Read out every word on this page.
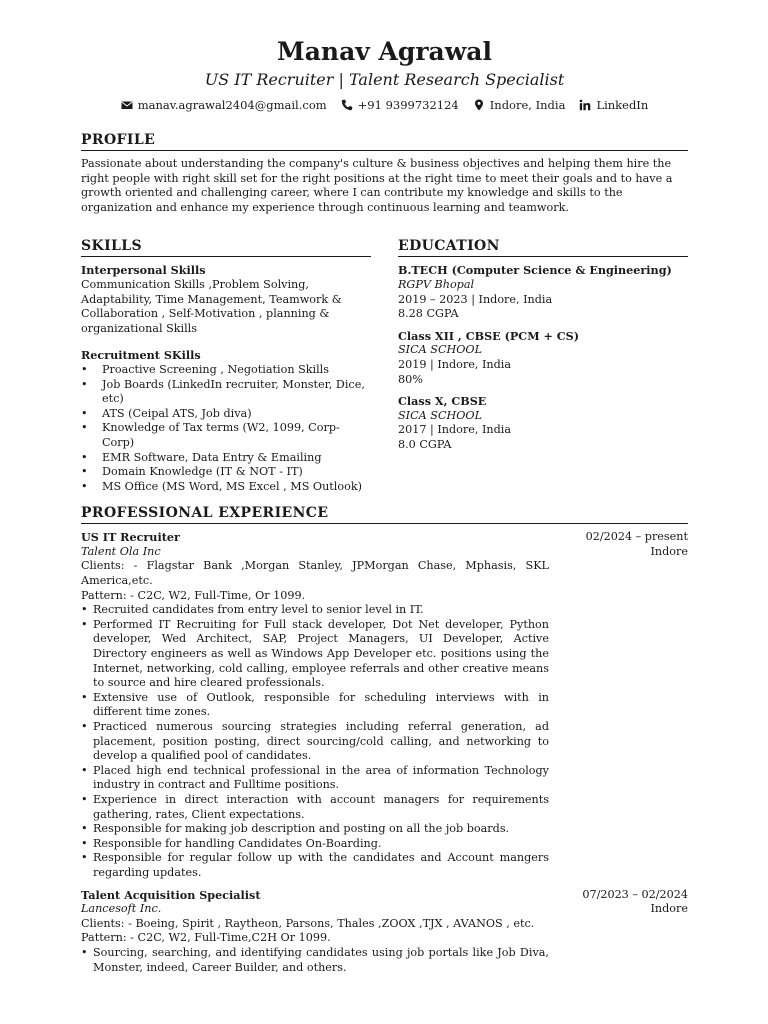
Manav Agrawal
US IT Recruiter | Talent Research Specialist
manav.agrawal2404@gmail.com	+91 9399732124	Indore, India	LinkedIn
PROFILE
Passionate about understanding the company's culture & business objectives and helping them hire the right people with right skill set for the right positions at the right time to meet their goals and to have a growth oriented and challenging career, where I can contribute my knowledge and skills to the organization and enhance my experience through continuous learning and teamwork.
SKILLS
Interpersonal Skills
Communication Skills ,Problem Solving, Adaptability, Time Management, Teamwork & Collaboration , Self-Motivation , planning & organizational Skills
Recruitment SKills
• Proactive Screening , Negotiation Skills
• Job Boards (LinkedIn recruiter, Monster, Dice, etc)
• ATS (Ceipal ATS, Job diva)
• Knowledge of Tax terms (W2, 1099, Corp-Corp)
• EMR Software, Data Entry & Emailing
• Domain Knowledge (IT & NOT - IT)
• MS Office (MS Word, MS Excel , MS Outlook)
EDUCATION
B.TECH (Computer Science & Engineering)
RGPV Bhopal
2019 – 2023 | Indore, India
8.28 CGPA
Class XII , CBSE (PCM + CS)
SICA SCHOOL
2019 | Indore, India
80%
Class X, CBSE
SICA SCHOOL
2017 | Indore, India
8.0 CGPA
PROFESSIONAL EXPERIENCE
US IT Recruiter
Talent Ola Inc
Clients: - Flagstar Bank ,Morgan Stanley, JPMorgan Chase, Mphasis, SKL America,etc.
Pattern: - C2C, W2, Full-Time, Or 1099.
• Recruited candidates from entry level to senior level in IT.
• Performed IT Recruiting for Full stack developer, Dot Net developer, Python developer, Wed Architect, SAP, Project Managers, UI Developer, Active Directory engineers as well as Windows App Developer etc. positions using the Internet, networking, cold calling, employee referrals and other creative means to source and hire cleared professionals.
• Extensive use of Outlook, responsible for scheduling interviews with in different time zones.
• Practiced numerous sourcing strategies including referral generation, ad placement, position posting, direct sourcing/cold calling, and networking to develop a qualified pool of candidates.
• Placed high end technical professional in the area of information Technology industry in contract and Fulltime positions.
• Experience in direct interaction with account managers for requirements gathering, rates, Client expectations.
• Responsible for making job description and posting on all the job boards.
• Responsible for handling Candidates On-Boarding.
• Responsible for regular follow up with the candidates and Account mangers regarding updates.
02/2024 – present
Indore
Talent Acquisition Specialist
Lancesoft Inc.
Clients: - Boeing, Spirit , Raytheon, Parsons, Thales ,ZOOX ,TJX , AVANOS , etc.
Pattern: - C2C, W2, Full-Time,C2H Or 1099.
• Sourcing, searching, and identifying candidates using job portals like Job Diva, Monster, indeed, Career Builder, and others.
07/2023 – 02/2024
Indore
